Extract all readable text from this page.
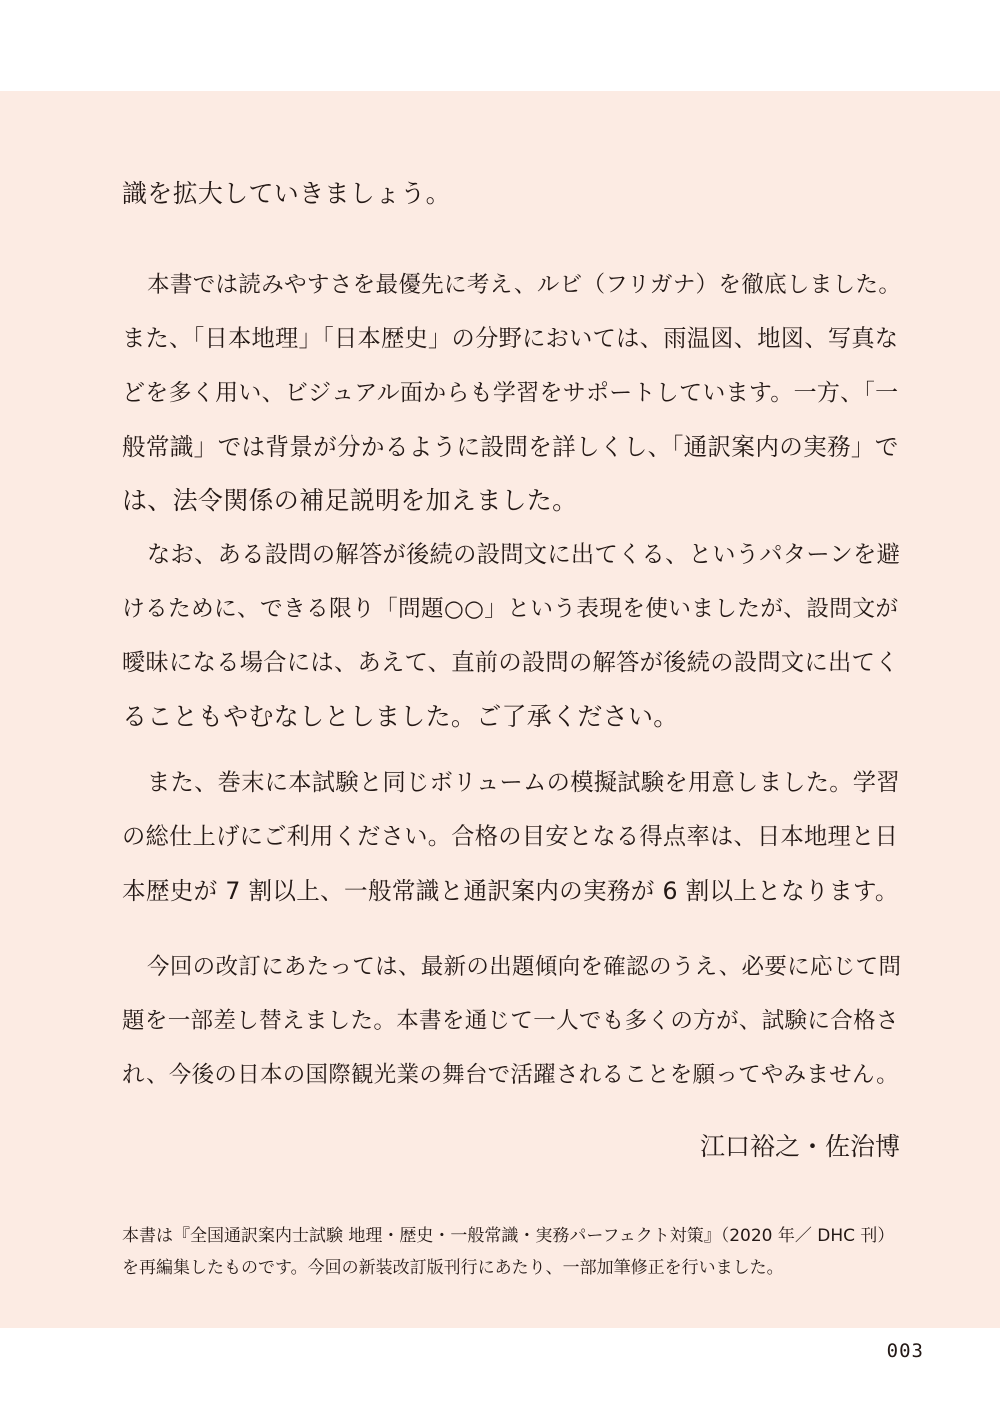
識を拡大していきましょう。
本書では読みやすさを最優先に考え、ルビ（フリガナ）を徹底しました。
また、「日本地理」「日本歴史」の分野においては、雨温図、地図、写真な
どを多く用い、ビジュアル面からも学習をサポートしています。一方、「一
般常識」では背景が分かるように設問を詳しくし、「通訳案内の実務」で
は、法令関係の補足説明を加えました。
なお、ある設問の解答が後続の設問文に出てくる、というパターンを避
けるために、できる限り「問題○○」という表現を使いましたが、設問文が
曖昧になる場合には、あえて、直前の設問の解答が後続の設問文に出てく
ることもやむなしとしました。ご了承ください。
また、巻末に本試験と同じボリュームの模擬試験を用意しました。学習
の総仕上げにご利用ください。合格の目安となる得点率は、日本地理と日
本歴史が 7 割以上、一般常識と通訳案内の実務が 6 割以上となります。
今回の改訂にあたっては、最新の出題傾向を確認のうえ、必要に応じて問
題を一部差し替えました。本書を通じて一人でも多くの方が、試験に合格さ
れ、今後の日本の国際観光業の舞台で活躍されることを願ってやみません。
江口裕之・佐治博
本書は『全国通訳案内士試験 地理・歴史・一般常識・実務パーフェクト対策』（2020 年／ DHC 刊）
を再編集したものです。今回の新装改訂版刊行にあたり、一部加筆修正を行いました。
003
